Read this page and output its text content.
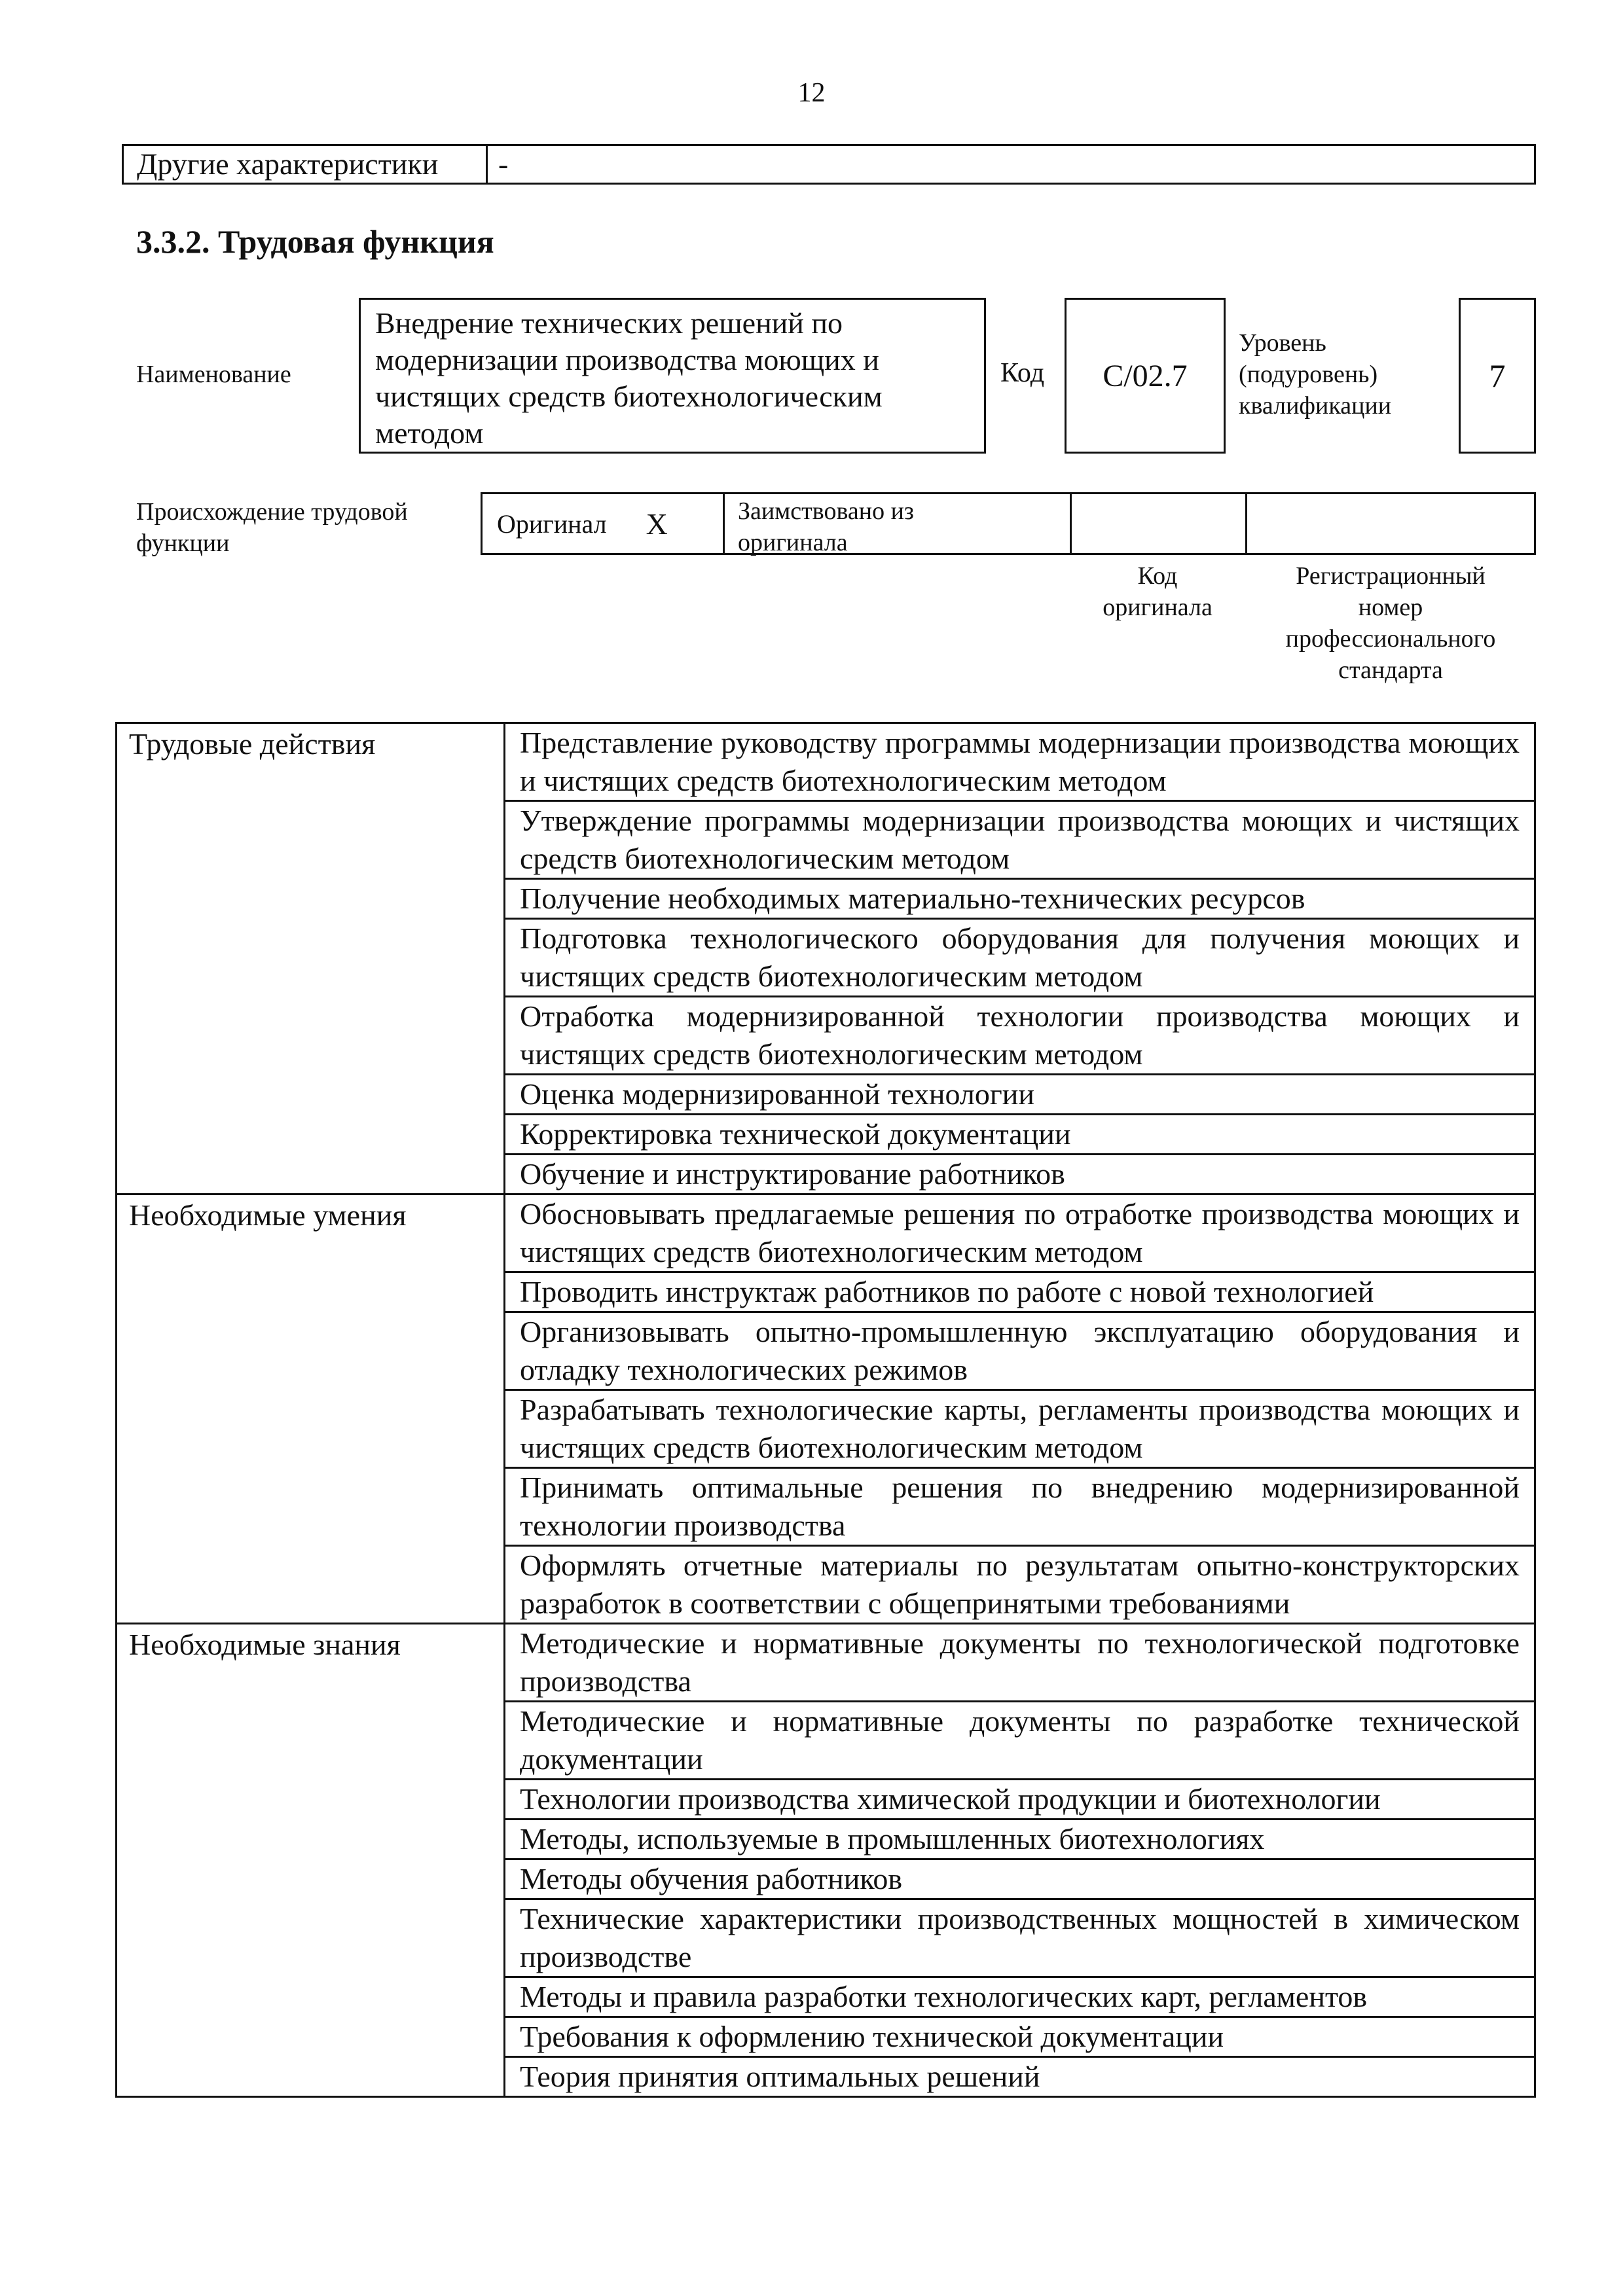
12
Другие характеристики	-
3.3.2. Трудовая функция
Наименование
Внедрение технических решений по модернизации производства моющих и чистящих средств биотехнологическим методом
Код	C/02.7
Уровень
(подуровень)
квалификации
7
Происхождение трудовой
функции
Оригинал X	Заимствовано из
оригинала
Код
оригинала
Регистрационный
номер
профессионального
стандарта
Трудовые действия	Представление руководству программы модернизации производства моющих и чистящих средств биотехнологическим методом
	Утверждение программы модернизации производства моющих и чистящих средств биотехнологическим методом
	Получение необходимых материально-технических ресурсов
	Подготовка технологического оборудования для получения моющих и чистящих средств биотехнологическим методом
	Отработка модернизированной технологии производства моющих и чистящих средств биотехнологическим методом
	Оценка модернизированной технологии
	Корректировка технической документации
	Обучение и инструктирование работников
Необходимые умения	Обосновывать предлагаемые решения по отработке производства моющих и чистящих средств биотехнологическим методом
	Проводить инструктаж работников по работе с новой технологией
	Организовывать опытно-промышленную эксплуатацию оборудования и отладку технологических режимов
	Разрабатывать технологические карты, регламенты производства моющих и чистящих средств биотехнологическим методом
	Принимать оптимальные решения по внедрению модернизированной технологии производства
	Оформлять отчетные материалы по результатам опытно-конструкторских разработок в соответствии с общепринятыми требованиями
Необходимые знания	Методические и нормативные документы по технологической подготовке производства
	Методические и нормативные документы по разработке технической документации
	Технологии производства химической продукции и биотехнологии
	Методы, используемые в промышленных биотехнологиях
	Методы обучения работников
	Технические характеристики производственных мощностей в химическом производстве
	Методы и правила разработки технологических карт, регламентов
	Требования к оформлению технической документации
	Теория принятия оптимальных решений
